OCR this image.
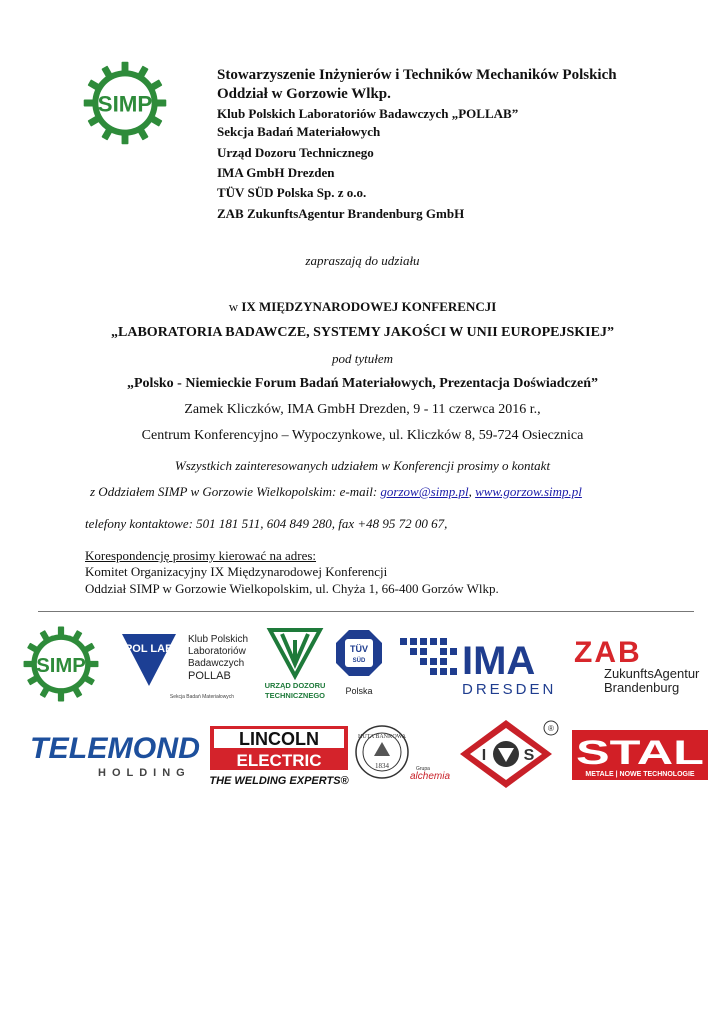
SIMP
Stowarzyszenie Inżynierów i Techników Mechaników Polskich
Oddział w Gorzowie Wlkp.
Klub Polskich Laboratoriów Badawczych „POLLAB”
Sekcja Badań Materiałowych
Urząd Dozoru Technicznego
IMA GmbH Drezden
TÜV SÜD Polska Sp. z o.o.
ZAB ZukunftsAgentur Brandenburg GmbH
zapraszają do udziału
w IX MIĘDZYNARODOWEJ KONFERENCJI
„LABORATORIA BADAWCZE, SYSTEMY JAKOŚCI W UNII EUROPEJSKIEJ”
pod tytułem
„Polsko - Niemieckie Forum Badań Materiałowych, Prezentacja Doświadczeń”
Zamek Kliczków, IMA GmbH Drezden, 9 - 11 czerwca 2016 r.,
Centrum Konferencyjno – Wypoczynkowe, ul. Kliczków 8, 59-724 Osiecznica
Wszystkich zainteresowanych udziałem w Konferencji prosimy o kontakt
z Oddziałem SIMP w Gorzowie Wielkopolskim: e-mail: gorzow@simp.pl, www.gorzow.simp.pl
telefony kontaktowe: 501 181 511, 604 849 280, fax +48 95 72 00 67,
Korespondencję prosimy kierować na adres:
Komitet Organizacyjny IX Międzynarodowej Konferencji
Oddział SIMP w Gorzowie Wielkopolskim, ul. Chyża 1, 66-400 Gorzów Wlkp.
SIMP
POL LAB
Klub Polskich
Laboratoriów
Badawczych
POLLAB
Sekcja Badań Materiałowych
URZĄD DOZORU
TECHNICZNEGO
TÜV
SÜD
Polska
IMA
DRESDEN
ZAB
ZukunftsAgentur
Brandenburg
TELEMOND
HOLDING
LINCOLN
ELECTRIC
THE WELDING EXPERTS®
HUTA BANKOWA
1834	Grupa
alchemia
I S
®
STAL
METALE | NOWE TECHNOLOGIE
